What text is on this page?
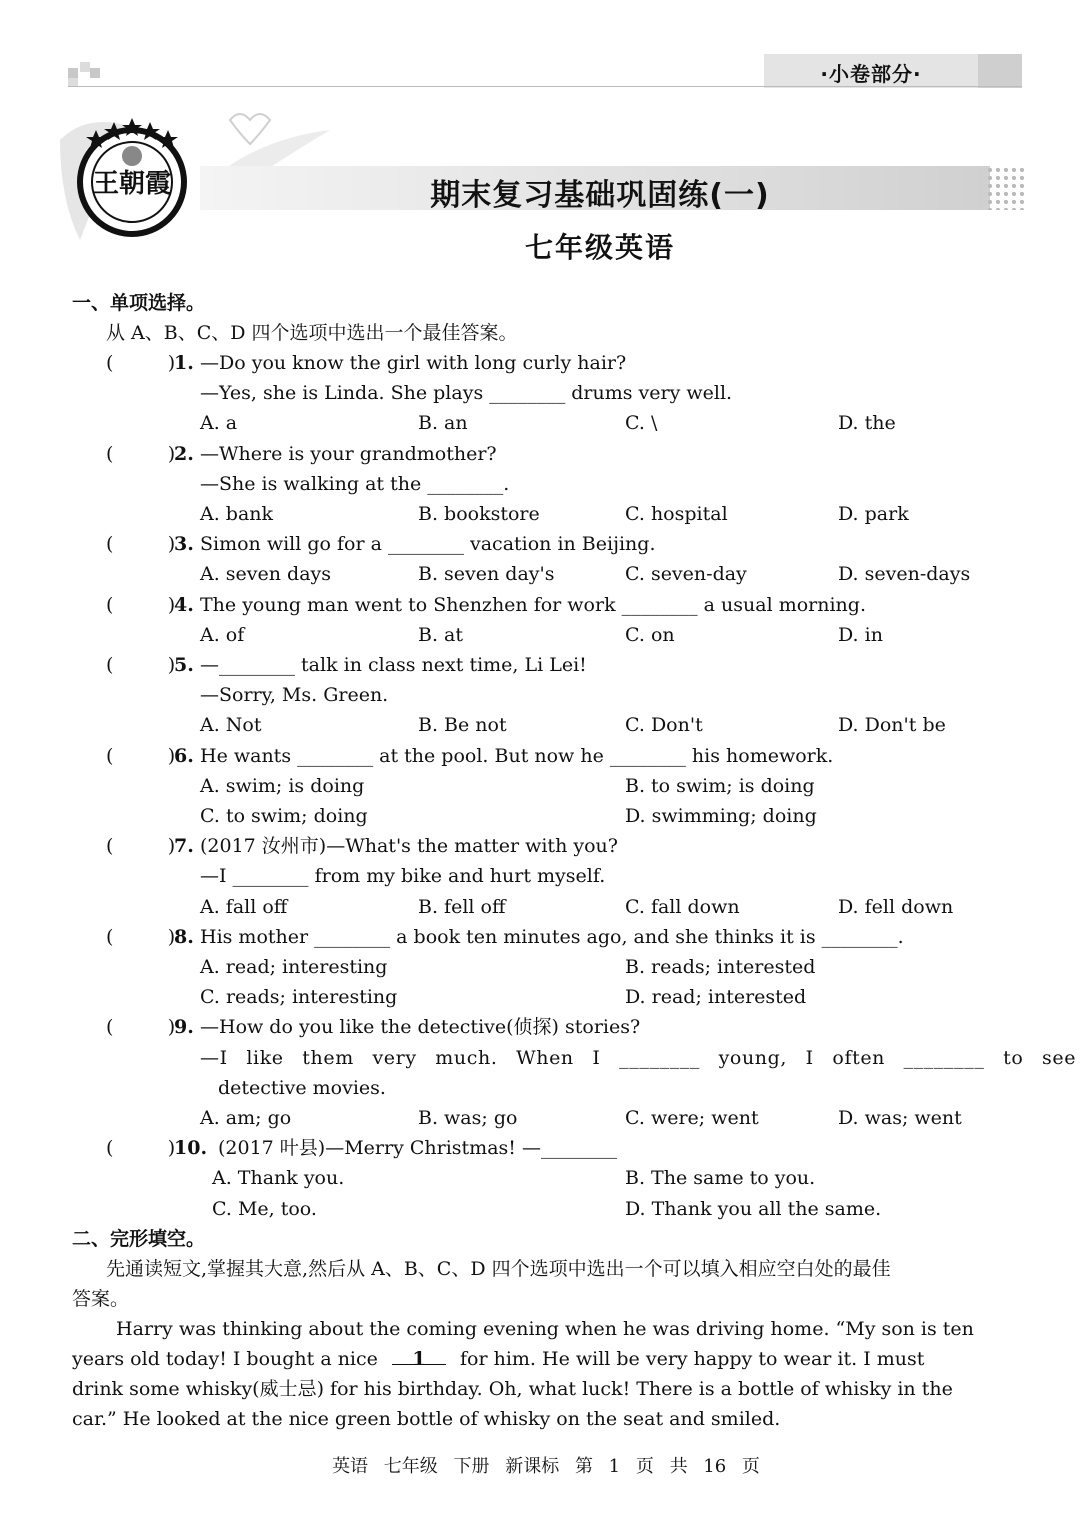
·小卷部分·
王朝霞	期末复习基础巩固练(一)
七年级英语
一、单项选择。
从 A、B、C、D 四个选项中选出一个最佳答案。
(         )
1. —Do you know the girl with long curly hair?
—Yes, she is Linda. She plays ________ drums very well.
A. a	B. an	C. \	D. the
(         )
2. —Where is your grandmother?
—She is walking at the ________.
A. bank	B. bookstore	C. hospital	D. park
(         )
3. Simon will go for a ________ vacation in Beijing.
A. seven days	B. seven day's	C. seven-day	D. seven-days
(         )
4. The young man went to Shenzhen for work ________ a usual morning.
A. of	B. at	C. on	D. in
(         )
5. —________ talk in class next time, Li Lei!
—Sorry, Ms. Green.
A. Not	B. Be not	C. Don't	D. Don't be
(         )
6. He wants ________ at the pool. But now he ________ his homework.
A. swim; is doing	B. to swim; is doing
C. to swim; doing	D. swimming; doing
(         )
7. (2017 汝州市)—What's the matter with you?
—I ________ from my bike and hurt myself.
A. fall off	B. fell off	C. fall down	D. fell down
(         )
8. His mother ________ a book ten minutes ago, and she thinks it is ________.
A. read; interesting	B. reads; interested
C. reads; interesting	D. read; interested
(         )
9. —How do you like the detective(侦探) stories?
—I like them very much. When I ________ young, I often ________ to see
detective movies.
A. am; go	B. was; go	C. were; went	D. was; went
(         )
10. (2017 叶县)—Merry Christmas! —________
A. Thank you.	B. The same to you.
C. Me, too.	D. Thank you all the same.
二、完形填空。
先通读短文,掌握其大意,然后从 A、B、C、D 四个选项中选出一个可以填入相应空白处的最佳
答案。
Harry was thinking about the coming evening when he was driving home. “My son is ten
years old today! I bought a nice 1 for him. He will be very happy to wear it. I must
drink some whisky(威士忌) for his birthday. Oh, what luck! There is a bottle of whisky in the
car.” He looked at the nice green bottle of whisky on the seat and smiled.
英语 七年级 下册 新课标 第 1 页 共 16 页
